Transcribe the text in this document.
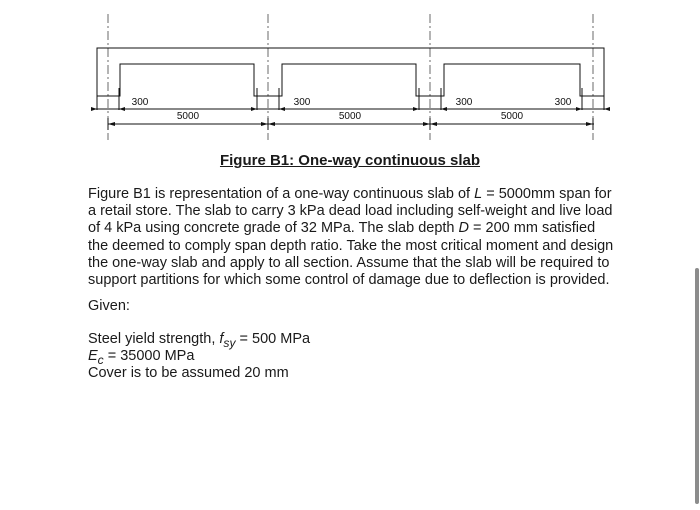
300	300	300	300
5000	5000	5000
Figure B1: One-way continuous slab

Figure B1 is representation of a one-way continuous slab of L = 5000mm span for a retail store. The slab to carry 3 kPa dead load including self-weight and live load of 4 kPa using concrete grade of 32 MPa. The slab depth D = 200 mm satisfied the deemed to comply span depth ratio. Take the most critical moment and design the one-way slab and apply to all section. Assume that the slab will be required to support partitions for which some control of damage due to deflection is provided.

Given:

Steel yield strength, $f_{sy} = 500$ MPa

$E_c = 35000$ MPa

Cover is to be assumed 20 mm
